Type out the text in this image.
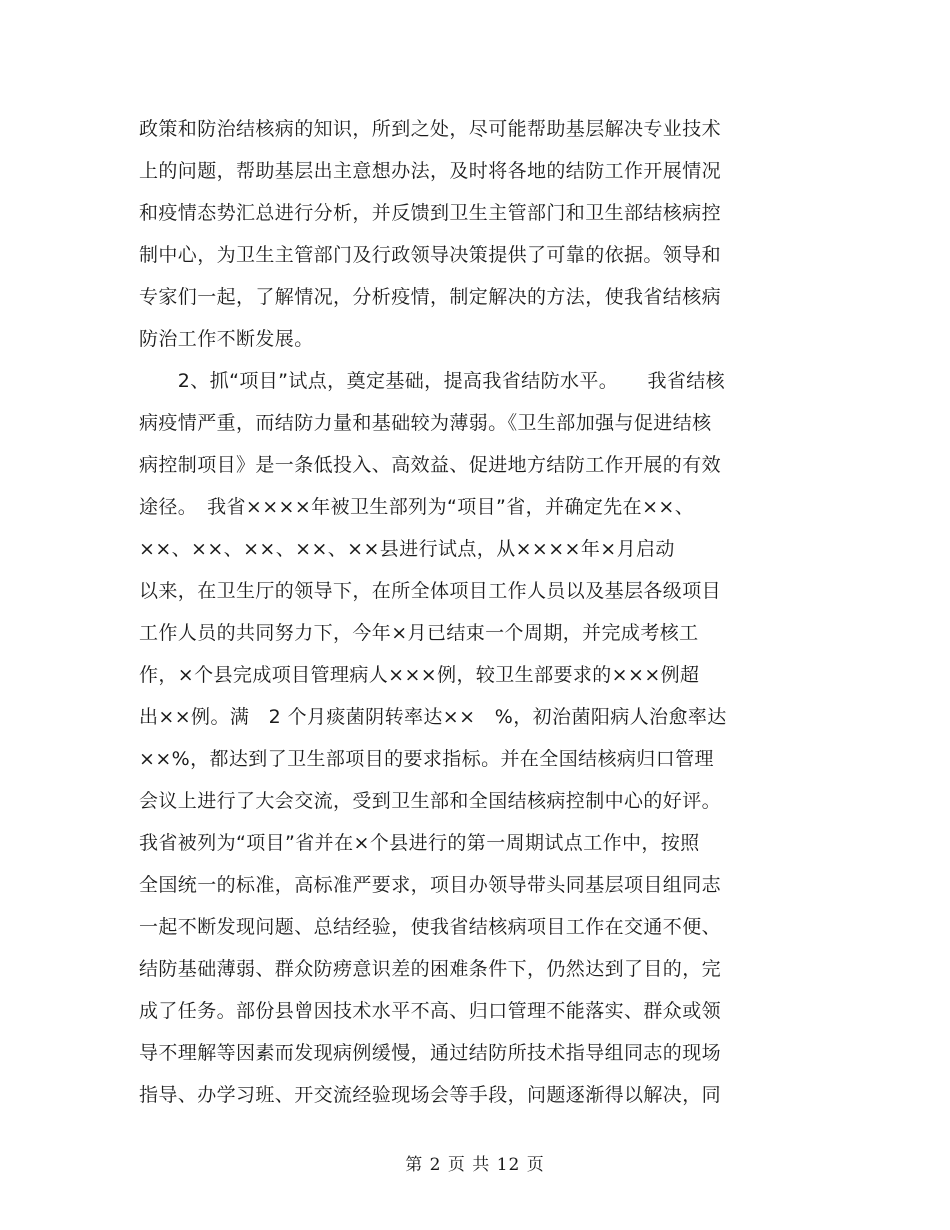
政策和防治结核病的知识，所到之处，尽可能帮助基层解决专业技术
上的问题，帮助基层出主意想办法，及时将各地的结防工作开展情况
和疫情态势汇总进行分析，并反馈到卫生主管部门和卫生部结核病控
制中心，为卫生主管部门及行政领导决策提供了可靠的依据。领导和
专家们一起，了解情况，分析疫情，制定解决的方法，使我省结核病
防治工作不断发展。
　　2、抓“项目”试点，奠定基础，提高我省结防水平。　　我省结核
病疫情严重，而结防力量和基础较为薄弱。《卫生部加强与促进结核
病控制项目》是一条低投入、高效益、促进地方结防工作开展的有效
途径。　我省××××年被卫生部列为“项目”省，并确定先在××、
××、××、××、××、××县进行试点，从××××年×月启动
以来，在卫生厅的领导下，在所全体项目工作人员以及基层各级项目
工作人员的共同努力下，今年×月已结束一个周期，并完成考核工
作，×个县完成项目管理病人×××例，较卫生部要求的×××例超
出××例。满　2 个月痰菌阴转率达××　%，初治菌阳病人治愈率达
××%，都达到了卫生部项目的要求指标。并在全国结核病归口管理
会议上进行了大会交流，受到卫生部和全国结核病控制中心的好评。
我省被列为“项目”省并在×个县进行的第一周期试点工作中，按照
全国统一的标准，高标准严要求，项目办领导带头同基层项目组同志
一起不断发现问题、总结经验，使我省结核病项目工作在交通不便、
结防基础薄弱、群众防痨意识差的困难条件下，仍然达到了目的，完
成了任务。部份县曾因技术水平不高、归口管理不能落实、群众或领
导不理解等因素而发现病例缓慢，通过结防所技术指导组同志的现场
指导、办学习班、开交流经验现场会等手段，问题逐渐得以解决，同
第 2 页 共 12 页
